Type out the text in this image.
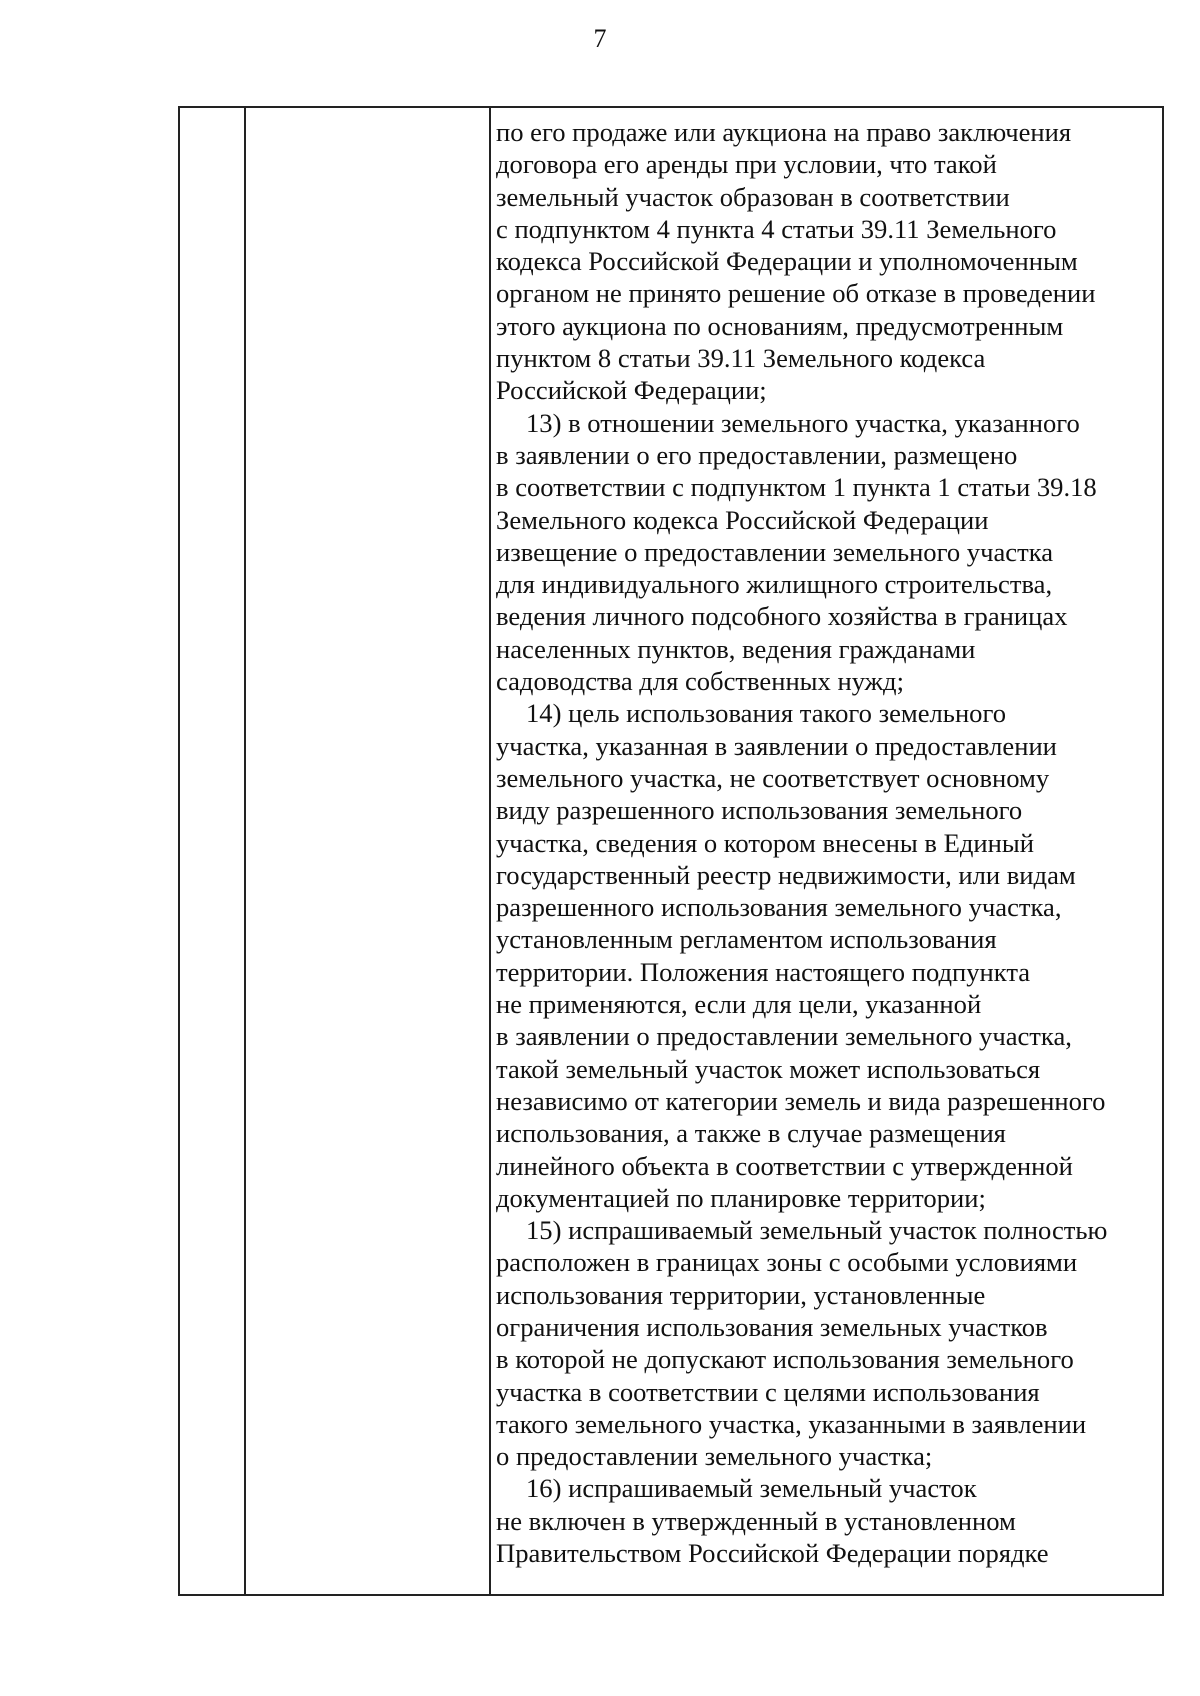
7
по его продаже или аукциона на право заключения
договора его аренды при условии, что такой
земельный участок образован в соответствии
с подпунктом 4 пункта 4 статьи 39.11 Земельного
кодекса Российской Федерации и уполномоченным
органом не принято решение об отказе в проведении
этого аукциона по основаниям, предусмотренным
пунктом 8 статьи 39.11 Земельного кодекса
Российской Федерации;
13) в отношении земельного участка, указанного
в заявлении о его предоставлении, размещено
в соответствии с подпунктом 1 пункта 1 статьи 39.18
Земельного кодекса Российской Федерации
извещение о предоставлении земельного участка
для индивидуального жилищного строительства,
ведения личного подсобного хозяйства в границах
населенных пунктов, ведения гражданами
садоводства для собственных нужд;
14) цель использования такого земельного
участка, указанная в заявлении о предоставлении
земельного участка, не соответствует основному
виду разрешенного использования земельного
участка, сведения о котором внесены в Единый
государственный реестр недвижимости, или видам
разрешенного использования земельного участка,
установленным регламентом использования
территории. Положения настоящего подпункта
не применяются, если для цели, указанной
в заявлении о предоставлении земельного участка,
такой земельный участок может использоваться
независимо от категории земель и вида разрешенного
использования, а также в случае размещения
линейного объекта в соответствии с утвержденной
документацией по планировке территории;
15) испрашиваемый земельный участок полностью
расположен в границах зоны с особыми условиями
использования территории, установленные
ограничения использования земельных участков
в которой не допускают использования земельного
участка в соответствии с целями использования
такого земельного участка, указанными в заявлении
о предоставлении земельного участка;
16) испрашиваемый земельный участок
не включен в утвержденный в установленном
Правительством Российской Федерации порядке
